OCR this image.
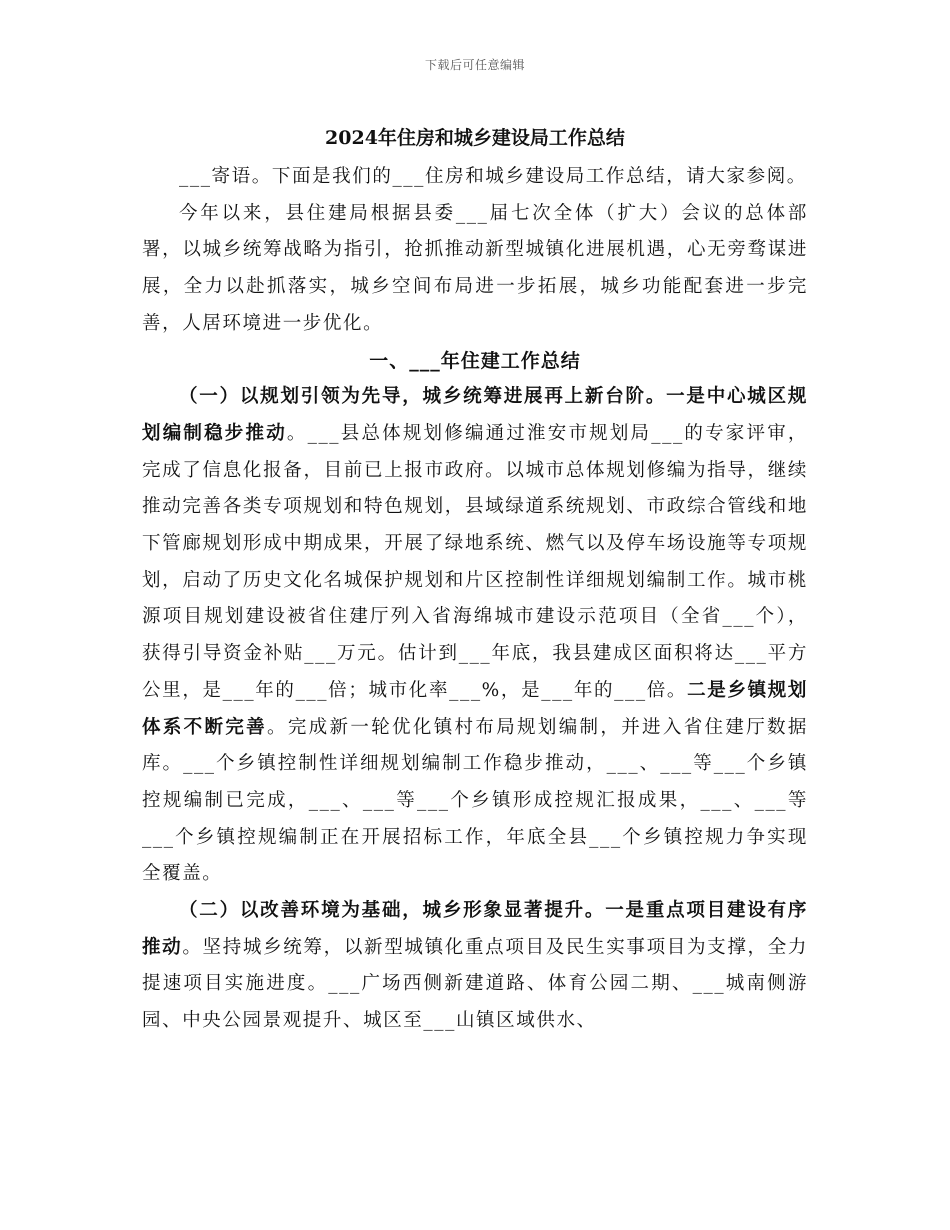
下载后可任意编辑
2024年住房和城乡建设局工作总结

___寄语。下面是我们的___住房和城乡建设局工作总结，请大家参阅。

今年以来，县住建局根据县委___届七次全体（扩大）会议的总体部署，以城乡统筹战略为指引，抢抓推动新型城镇化进展机遇，心无旁骛谋进展，全力以赴抓落实，城乡空间布局进一步拓展，城乡功能配套进一步完善，人居环境进一步优化。

一、___年住建工作总结

（一）以规划引领为先导，城乡统筹进展再上新台阶。一是中心城区规划编制稳步推动。___县总体规划修编通过淮安市规划局___的专家评审，完成了信息化报备，目前已上报市政府。以城市总体规划修编为指导，继续推动完善各类专项规划和特色规划，县域绿道系统规划、市政综合管线和地下管廊规划形成中期成果，开展了绿地系统、燃气以及停车场设施等专项规划，启动了历史文化名城保护规划和片区控制性详细规划编制工作。城市桃源项目规划建设被省住建厅列入省海绵城市建设示范项目（全省___个），获得引导资金补贴___万元。估计到___年底，我县建成区面积将达___平方公里，是___年的___倍；城市化率___%，是___年的___倍。二是乡镇规划体系不断完善。完成新一轮优化镇村布局规划编制，并进入省住建厅数据库。___个乡镇控制性详细规划编制工作稳步推动，___、___等___个乡镇控规编制已完成，___、___等___个乡镇形成控规汇报成果，___、___等___个乡镇控规编制正在开展招标工作，年底全县___个乡镇控规力争实现全覆盖。

（二）以改善环境为基础，城乡形象显著提升。一是重点项目建设有序推动。坚持城乡统筹，以新型城镇化重点项目及民生实事项目为支撑，全力提速项目实施进度。___广场西侧新建道路、体育公园二期、___城南侧游园、中央公园景观提升、城区至___山镇区域供水、
